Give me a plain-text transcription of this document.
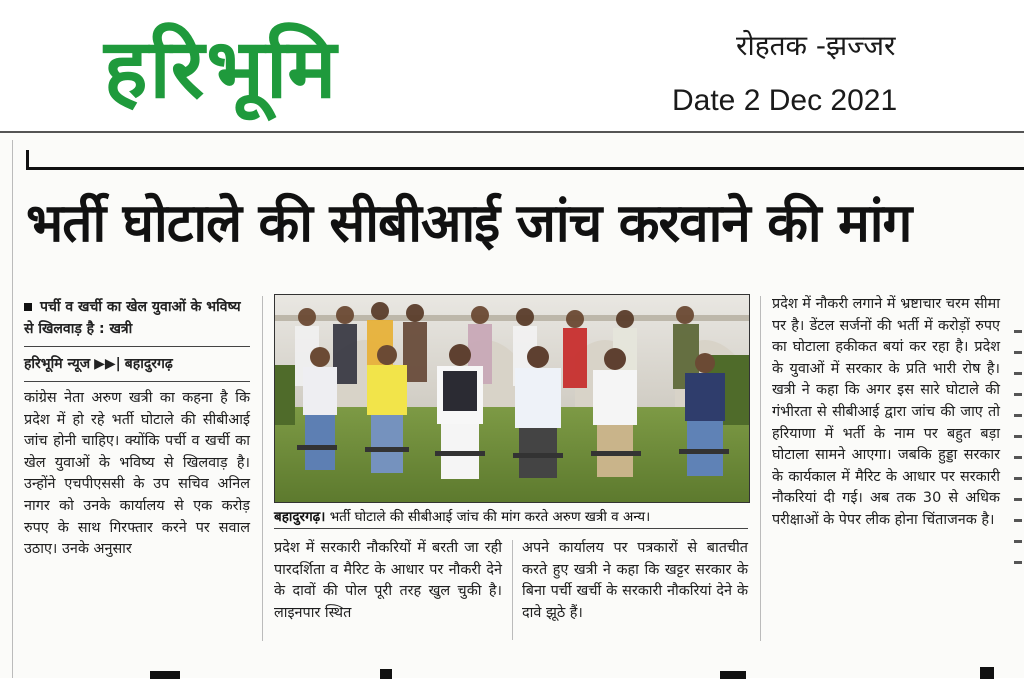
हरिभूमि	रोहतक -झज्जर
Date 2 Dec 2021
भर्ती घोटाले की सीबीआई जांच करवाने की मांग
पर्ची व खर्ची का खेल युवाओं के भविष्य से खिलवाड़ है : खत्री
हरिभूमि न्यूज ▶▶| बहादुरगढ़
कांग्रेस नेता अरुण खत्री का कहना है कि प्रदेश में हो रहे भर्ती घोटाले की सीबीआई जांच होनी चाहिए। क्योंकि पर्ची व खर्ची का खेल युवाओं के भविष्य से खिलवाड़ है। उन्होंने एचपीएससी के उप सचिव अनिल नागर को उनके कार्यालय से एक करोड़ रुपए के साथ गिरफ्तार करने पर सवाल उठाए। उनके अनुसार
बहादुरगढ़। भर्ती घोटाले की सीबीआई जांच की मांग करते अरुण खत्री व अन्य।
प्रदेश में सरकारी नौकरियों में बरती जा रही पारदर्शिता व मैरिट के आधार पर नौकरी देने के दावों की पोल पूरी तरह खुल चुकी है। लाइनपार स्थित
अपने कार्यालय पर पत्रकारों से बातचीत करते हुए खत्री ने कहा कि खट्टर सरकार के बिना पर्ची खर्ची के सरकारी नौकरियां देने के दावे झूठे हैं।
प्रदेश में नौकरी लगाने में भ्रष्टाचार चरम सीमा पर है। डेंटल सर्जनों की भर्ती में करोड़ों रुपए का घोटाला हकीकत बयां कर रहा है। प्रदेश के युवाओं में सरकार के प्रति भारी रोष है। खत्री ने कहा कि अगर इस सारे घोटाले की गंभीरता से सीबीआई द्वारा जांच की जाए तो हरियाणा में भर्ती के नाम पर बहुत बड़ा घोटाला सामने आएगा। जबकि हुड्डा सरकार के कार्यकाल में मैरिट के आधार पर सरकारी नौकरियां दी गई। अब तक 30 से अधिक परीक्षाओं के पेपर लीक होना चिंताजनक है।
